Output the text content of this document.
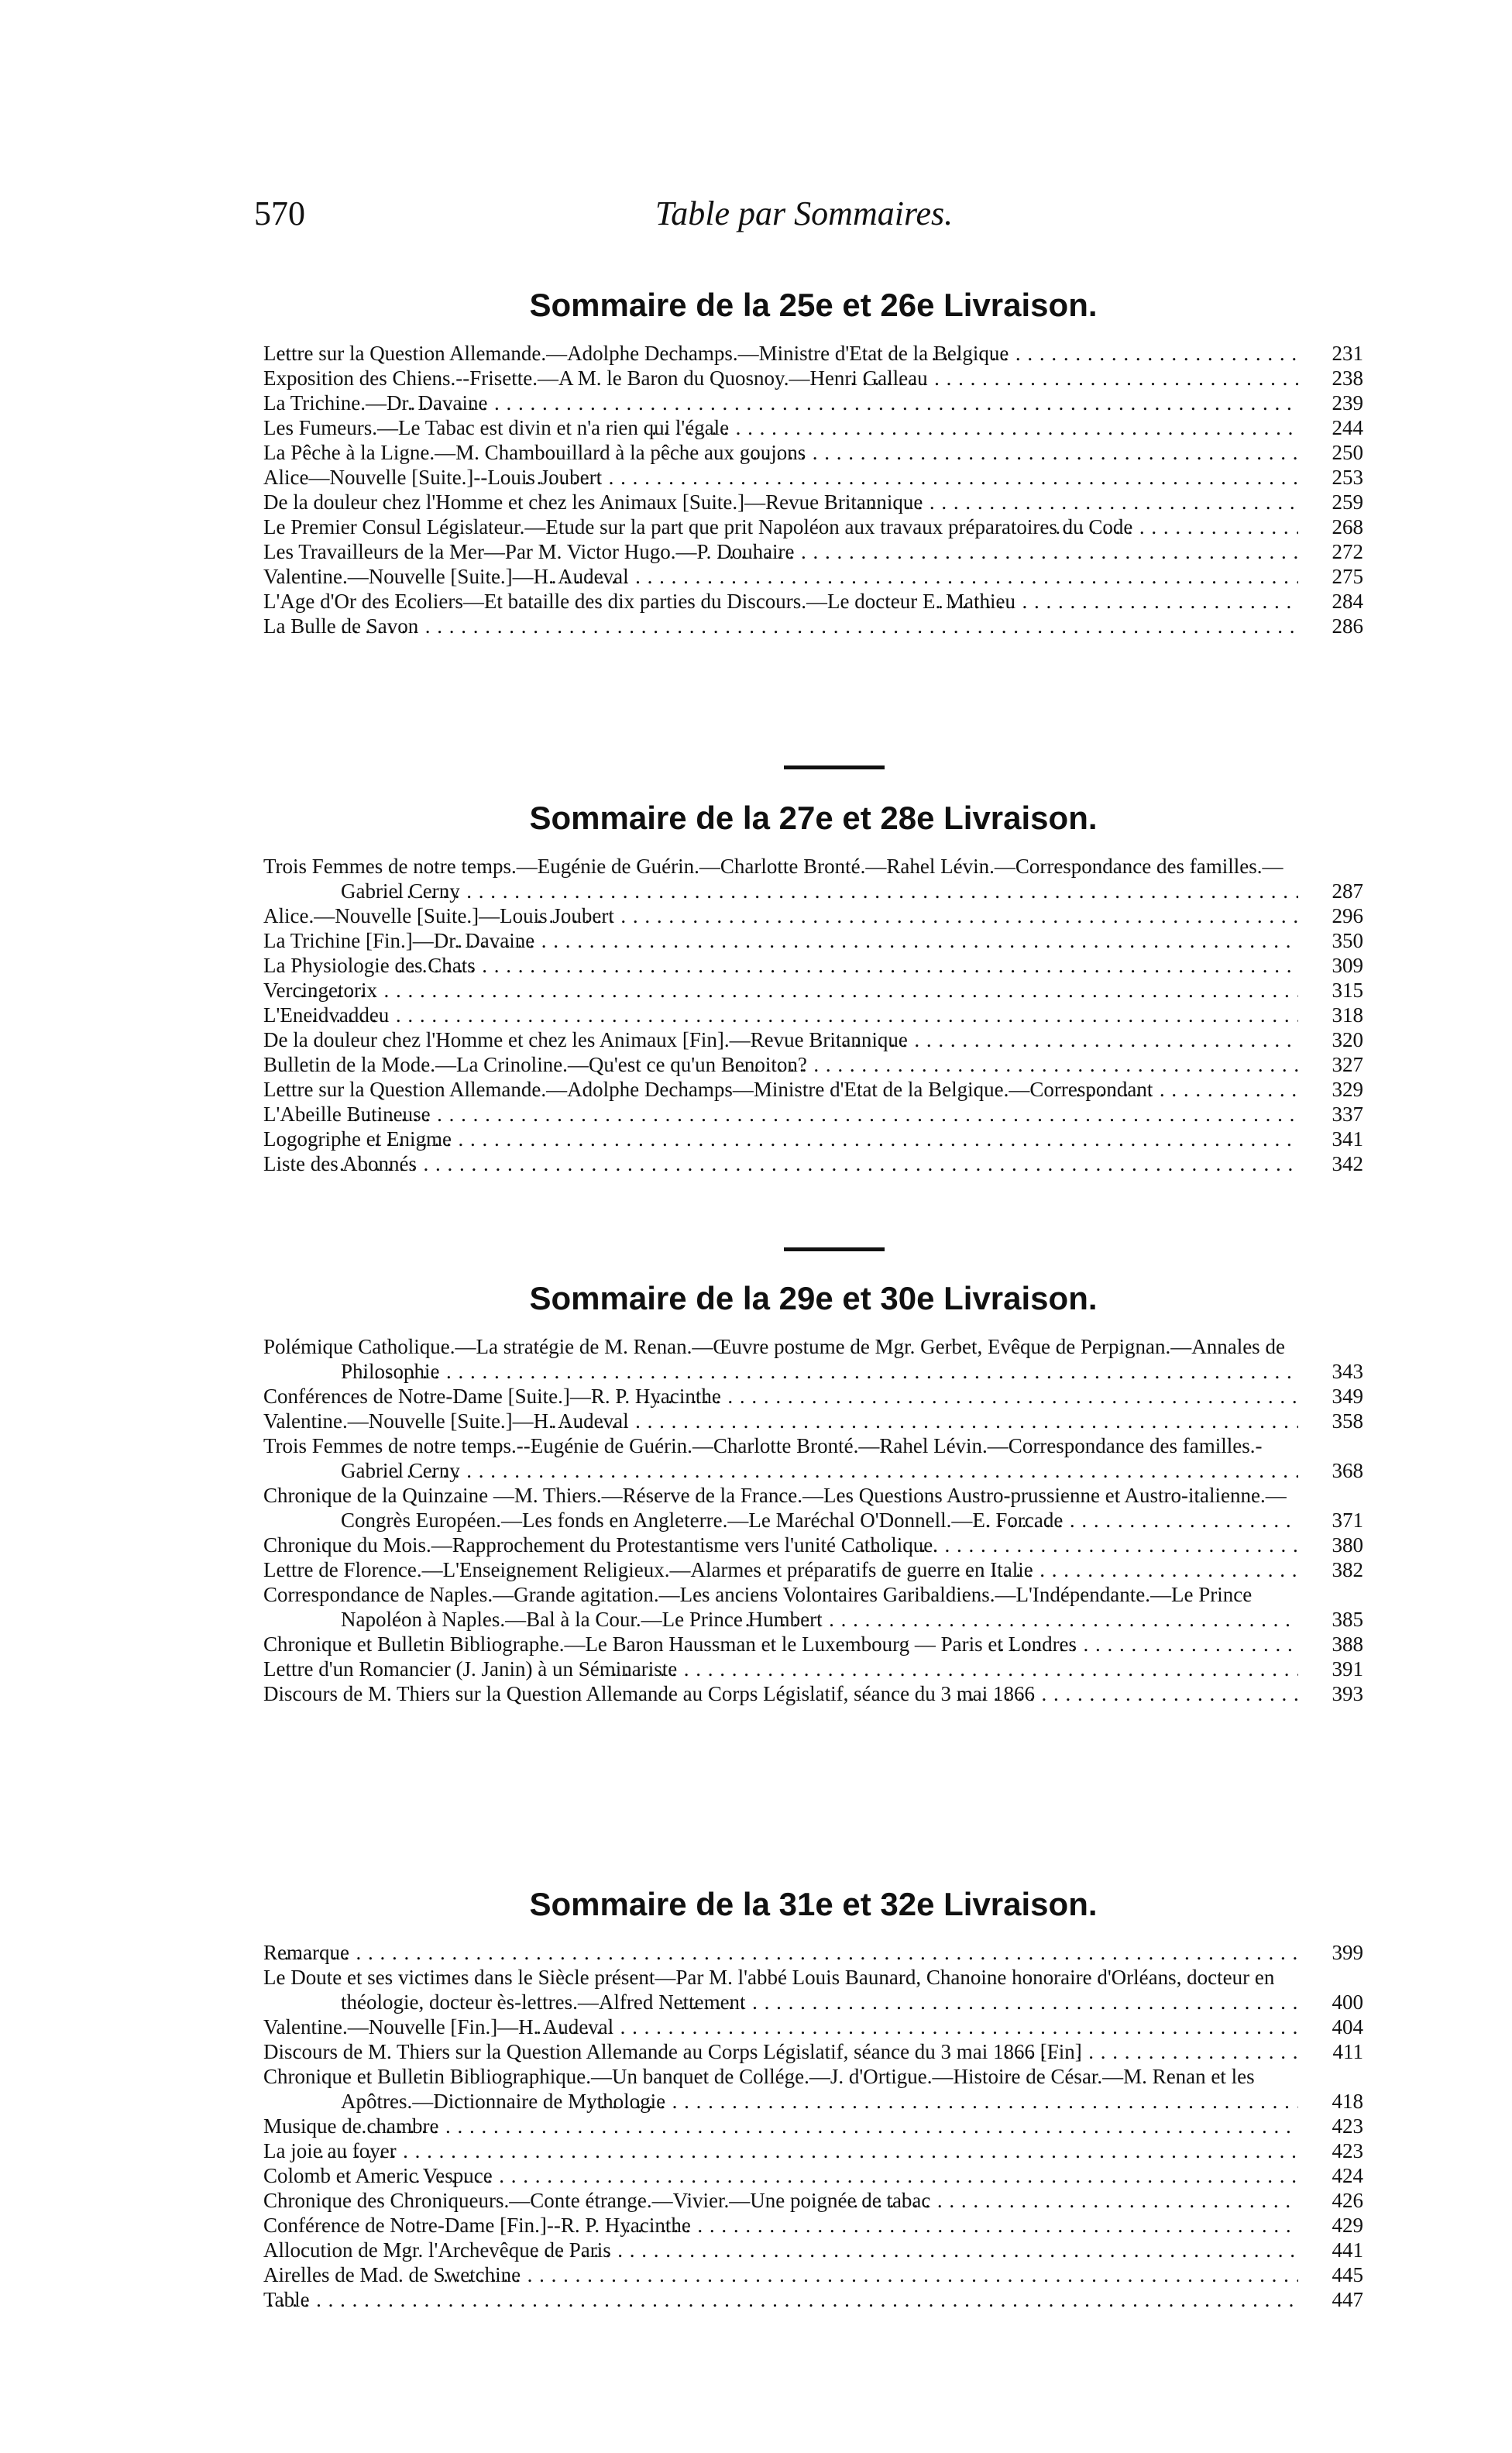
570	Table par Sommaires.
Sommaire de la 25e et 26e Livraison.
Lettre sur la Question Allemande.—Adolphe Dechamps.—Ministre d'Etat de la Belgique . . .	231
Exposition des Chiens.--Frisette.—A M. le Baron du Quosnoy.—Henri Galleau . . .	238
La Trichine.—Dr. Davaine . . .	239
Les Fumeurs.—Le Tabac est divin et n'a rien qui l'égale . . .	244
La Pêche à la Ligne.—M. Chambouillard à la pêche aux goujons . . .	250
Alice—Nouvelle [Suite.]--Louis Joubert . . .	253
De la douleur chez l'Homme et chez les Animaux [Suite.]—Revue Britannique . . .	259
Le Premier Consul Législateur.—Etude sur la part que prit Napoléon aux travaux préparatoires du Code . . .	268
Les Travailleurs de la Mer—Par M. Victor Hugo.—P. Douhaire . . .	272
Valentine.—Nouvelle [Suite.]—H. Audeval . . .	275
L'Age d'Or des Ecoliers—Et bataille des dix parties du Discours.—Le docteur E. Mathieu . . .	284
La Bulle de Savon . . .	286
Sommaire de la 27e et 28e Livraison.
Trois Femmes de notre temps.—Eugénie de Guérin.—Charlotte Bronté.—Rahel Lévin.—Correspondance des familles.—Gabriel Cerny . . .	287
Alice.—Nouvelle [Suite.]—Louis Joubert . . .	296
La Trichine [Fin.]—Dr. Davaine . . .	350
La Physiologie des Chats . . .	309
Vercingetorix . . .	315
L'Eneidvaddeu . . .	318
De la douleur chez l'Homme et chez les Animaux [Fin].—Revue Britannique . . .	320
Bulletin de la Mode.—La Crinoline.—Qu'est ce qu'un Benoiton? . . .	327
Lettre sur la Question Allemande.—Adolphe Dechamps—Ministre d'Etat de la Belgique.—Correspondant . . .	329
L'Abeille Butineuse . . .	337
Logogriphe et Enigme . . .	341
Liste des Abonnés . . .	342
Sommaire de la 29e et 30e Livraison.
Polémique Catholique.—La stratégie de M. Renan.—Œuvre postume de Mgr. Gerbet, Evêque de Perpignan.—Annales de Philosophie . . .	343
Conférences de Notre-Dame [Suite.]—R. P. Hyacinthe . . .	349
Valentine.—Nouvelle [Suite.]—H. Audeval . . .	358
Trois Femmes de notre temps.--Eugénie de Guérin.—Charlotte Bronté.—Rahel Lévin.—Correspondance des familles.-Gabriel Cerny . . .	368
Chronique de la Quinzaine —M. Thiers.—Réserve de la France.—Les Questions Austro-prussienne et Austro-italienne.—Congrès Européen.—Les fonds en Angleterre.—Le Maréchal O'Donnell.—E. Forcade . . .	371
Chronique du Mois.—Rapprochement du Protestantisme vers l'unité Catholique. . . .	380
Lettre de Florence.—L'Enseignement Religieux.—Alarmes et préparatifs de guerre en Italie . . .	382
Correspondance de Naples.—Grande agitation.—Les anciens Volontaires Garibaldiens.—L'Indépendante.—Le Prince Napoléon à Naples.—Bal à la Cour.—Le Prince Humbert . . .	385
Chronique et Bulletin Bibliographe.—Le Baron Haussman et le Luxembourg — Paris et Londres . . .	388
Lettre d'un Romancier (J. Janin) à un Séminariste . . .	391
Discours de M. Thiers sur la Question Allemande au Corps Législatif, séance du 3 mai 1866 . . .	393
Sommaire de la 31e et 32e Livraison.
Remarque . . .	399
Le Doute et ses victimes dans le Siècle présent—Par M. l'abbé Louis Baunard, Chanoine honoraire d'Orléans, docteur en théologie, docteur ès-lettres.—Alfred Nettement . . .	400
Valentine.—Nouvelle [Fin.]—H. Audeval . . .	404
Discours de M. Thiers sur la Question Allemande au Corps Législatif, séance du 3 mai 1866 [Fin] . . .	411
Chronique et Bulletin Bibliographique.—Un banquet de Collége.—J. d'Ortigue.—Histoire de César.—M. Renan et les Apôtres.—Dictionnaire de Mythologie . . .	418
Musique de chambre . . .	423
La joie au foyer . . .	423
Colomb et Americ Vespuce . . .	424
Chronique des Chroniqueurs.—Conte étrange.—Vivier.—Une poignée de tabac . . .	426
Conférence de Notre-Dame [Fin.]--R. P. Hyacinthe . . .	429
Allocution de Mgr. l'Archevêque de Paris . . .	441
Airelles de Mad. de Swetchine . . .	445
Table . . .	447
